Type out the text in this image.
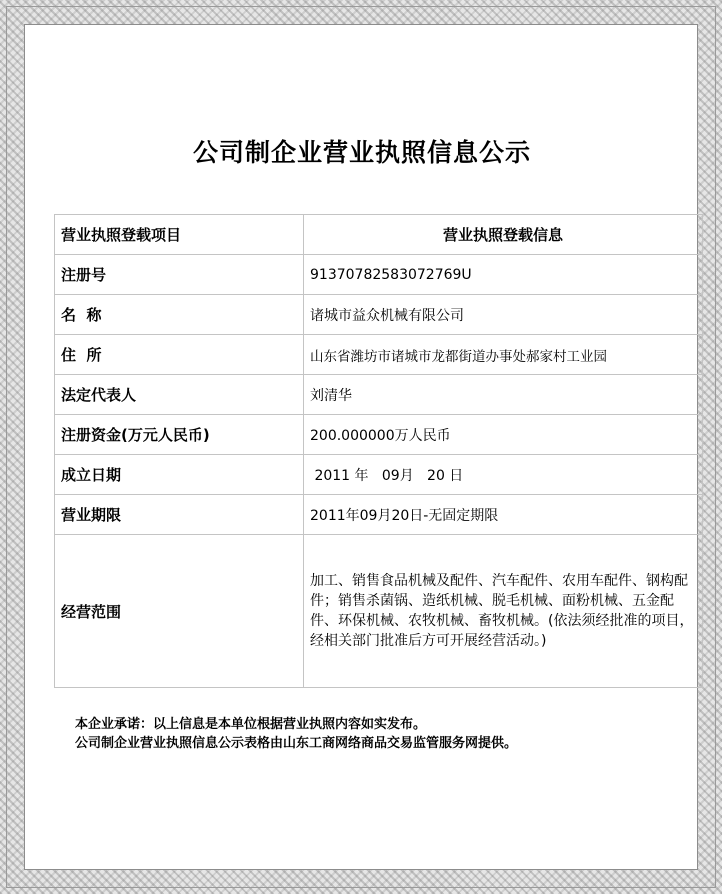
公司制企业营业执照信息公示
营业执照登载项目	营业执照登载信息
注册号	91370782583072769U
名  称	诸城市益众机械有限公司
住  所	山东省潍坊市诸城市龙都街道办事处郝家村工业园
法定代表人	刘清华
注册资金(万元人民币)	200.000000万人民币
成立日期	2011 年   09月   20 日
营业期限	2011年09月20日-无固定期限
经营范围	加工、销售食品机械及配件、汽车配件、农用车配件、钢构配件；销售杀菌锅、造纸机械、脱毛机械、面粉机械、五金配件、环保机械、农牧机械、畜牧机械。(依法须经批准的项目，经相关部门批准后方可开展经营活动。)
本企业承诺：以上信息是本单位根据营业执照内容如实发布。
公司制企业营业执照信息公示表格由山东工商网络商品交易监管服务网提供。
